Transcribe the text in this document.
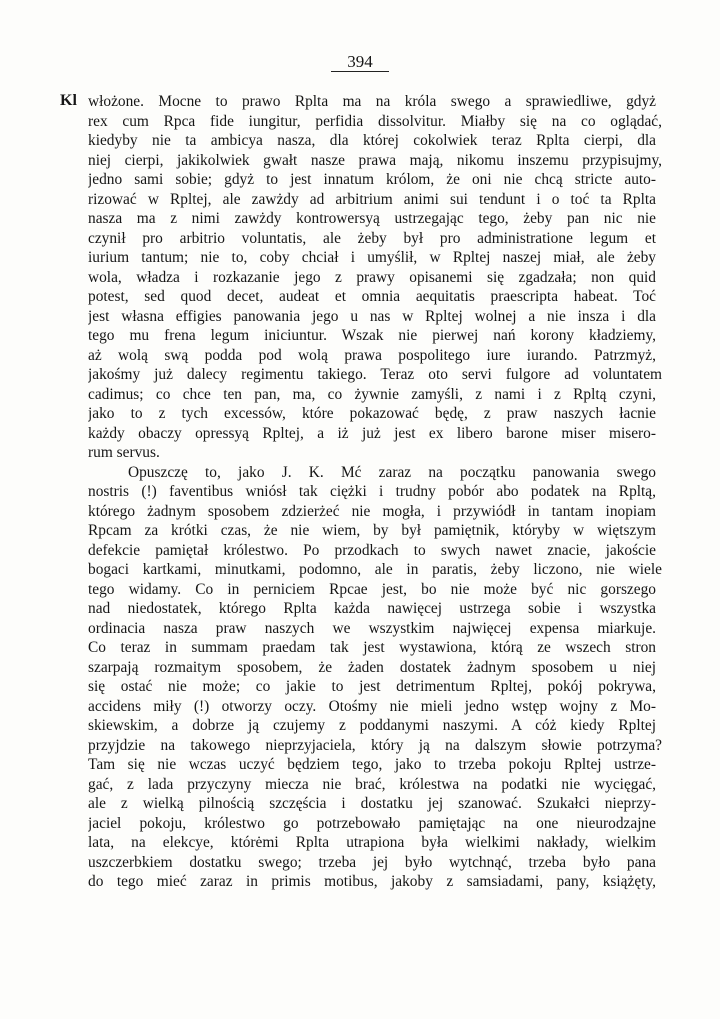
394
Kl włożone. Mocne to prawo Rplta ma na króla swego a sprawiedliwe, gdyż
rex cum Rpca fide iungitur, perfidia dissolvitur. Miałby się na co oglądać,
kiedyby nie ta ambicya nasza, dla której cokolwiek teraz Rplta cierpi, dla
niej cierpi, jakikolwiek gwałt nasze prawa mają, nikomu inszemu przypisujmy,
jedno sami sobie; gdyż to jest innatum królom, że oni nie chcą stricte auto-
rizować w Rpltej, ale zawżdy ad arbitrium animi sui tendunt i o toć ta Rplta
nasza ma z nimi zawżdy kontrowersyą ustrzegając tego, żeby pan nic nie
czynił pro arbitrio voluntatis, ale żeby był pro administratione legum et
iurium tantum; nie to, coby chciał i umyślił, w Rpltej naszej miał, ale żeby
wola, władza i rozkazanie jego z prawy opisanemi się zgadzała; non quid
potest, sed quod decet, audeat et omnia aequitatis praescripta habeat. Toć
jest własna effigies panowania jego u nas w Rpltej wolnej a nie insza i dla
tego mu frena legum iniciuntur. Wszak nie pierwej nań korony kładziemy,
aż wolą swą podda pod wolą prawa pospolitego iure iurando. Patrzmyż,
jakośmy już dalecy regimentu takiego. Teraz oto servi fulgore ad voluntatem
cadimus; co chce ten pan, ma, co żywnie zamyśli, z nami i z Rpltą czyni,
jako to z tych excessów, które pokazować będę, z praw naszych łacnie
każdy obaczy opressyą Rpltej, a iż już jest ex libero barone miser misero-
rum servus.
Opuszczę to, jako J. K. Mć zaraz na początku panowania swego
nostris (!) faventibus wniósł tak ciężki i trudny pobór abo podatek na Rpltą,
którego żadnym sposobem zdzierżeć nie mogła, i przywiódł in tantam inopiam
Rpcam za krótki czas, że nie wiem, by był pamiętnik, któryby w więtszym
defekcie pamiętał królestwo. Po przodkach to swych nawet znacie, jakoście
bogaci kartkami, minutkami, podomno, ale in paratis, żeby liczono, nie wiele
tego widamy. Co in perniciem Rpcae jest, bo nie może być nic gorszego
nad niedostatek, którego Rplta każda nawięcej ustrzega sobie i wszystka
ordinacia nasza praw naszych we wszystkim najwięcej expensa miarkuje.
Co teraz in summam praedam tak jest wystawiona, którą ze wszech stron
szarpają rozmaitym sposobem, że żaden dostatek żadnym sposobem u niej
się ostać nie może; co jakie to jest detrimentum Rpltej, pokój pokrywa,
accidens miły (!) otworzy oczy. Otośmy nie mieli jedno wstęp wojny z Mo-
skiewskim, a dobrze ją czujemy z poddanymi naszymi. A cóż kiedy Rpltej
przyjdzie na takowego nieprzyjaciela, który ją na dalszym słowie potrzyma?
Tam się nie wczas uczyć będziem tego, jako to trzeba pokoju Rpltej ustrze-
gać, z lada przyczyny miecza nie brać, królestwa na podatki nie wycięgać,
ale z wielką pilnością szczęścia i dostatku jej szanować. Szukałci nieprzy-
jaciel pokoju, królestwo go potrzebowało pamiętając na one nieurodzajne
lata, na elekcye, którėmi Rplta utrapiona była wielkimi nakłady, wielkim
uszczerbkiem dostatku swego; trzeba jej było wytchnąć, trzeba było pana
do tego mieć zaraz in primis motibus, jakoby z samsiadami, pany, książęty,
